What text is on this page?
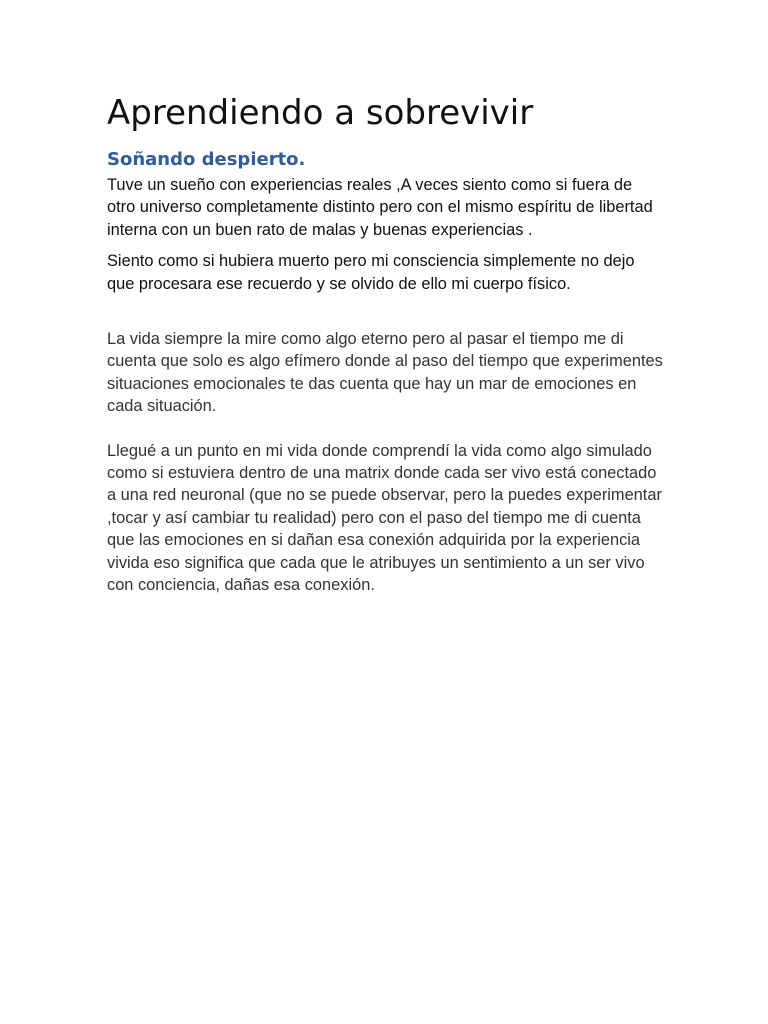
Aprendiendo a sobrevivir
Soñando despierto.

Tuve un sueño con experiencias reales ,A veces siento como si fuera de otro universo completamente distinto pero con el mismo espíritu de libertad interna con un buen rato de malas y buenas experiencias .

Siento como si hubiera muerto pero mi consciencia simplemente no dejo que procesara ese recuerdo y se olvido de ello mi cuerpo físico.

La vida siempre la mire como algo eterno pero al pasar el tiempo me di cuenta que solo es algo efímero donde al paso del tiempo que experimentes situaciones emocionales te das cuenta que hay un mar de emociones en cada situación.

Llegué a un punto en mi vida donde comprendí la vida como algo simulado como si estuviera dentro de una matrix donde cada ser vivo está conectado a una red neuronal (que no se puede observar, pero la puedes experimentar ,tocar y así cambiar tu realidad) pero con el paso del tiempo me di cuenta que las emociones en si dañan esa conexión adquirida por la experiencia vivida eso significa que cada que le atribuyes un sentimiento a un ser vivo con conciencia, dañas esa conexión.
